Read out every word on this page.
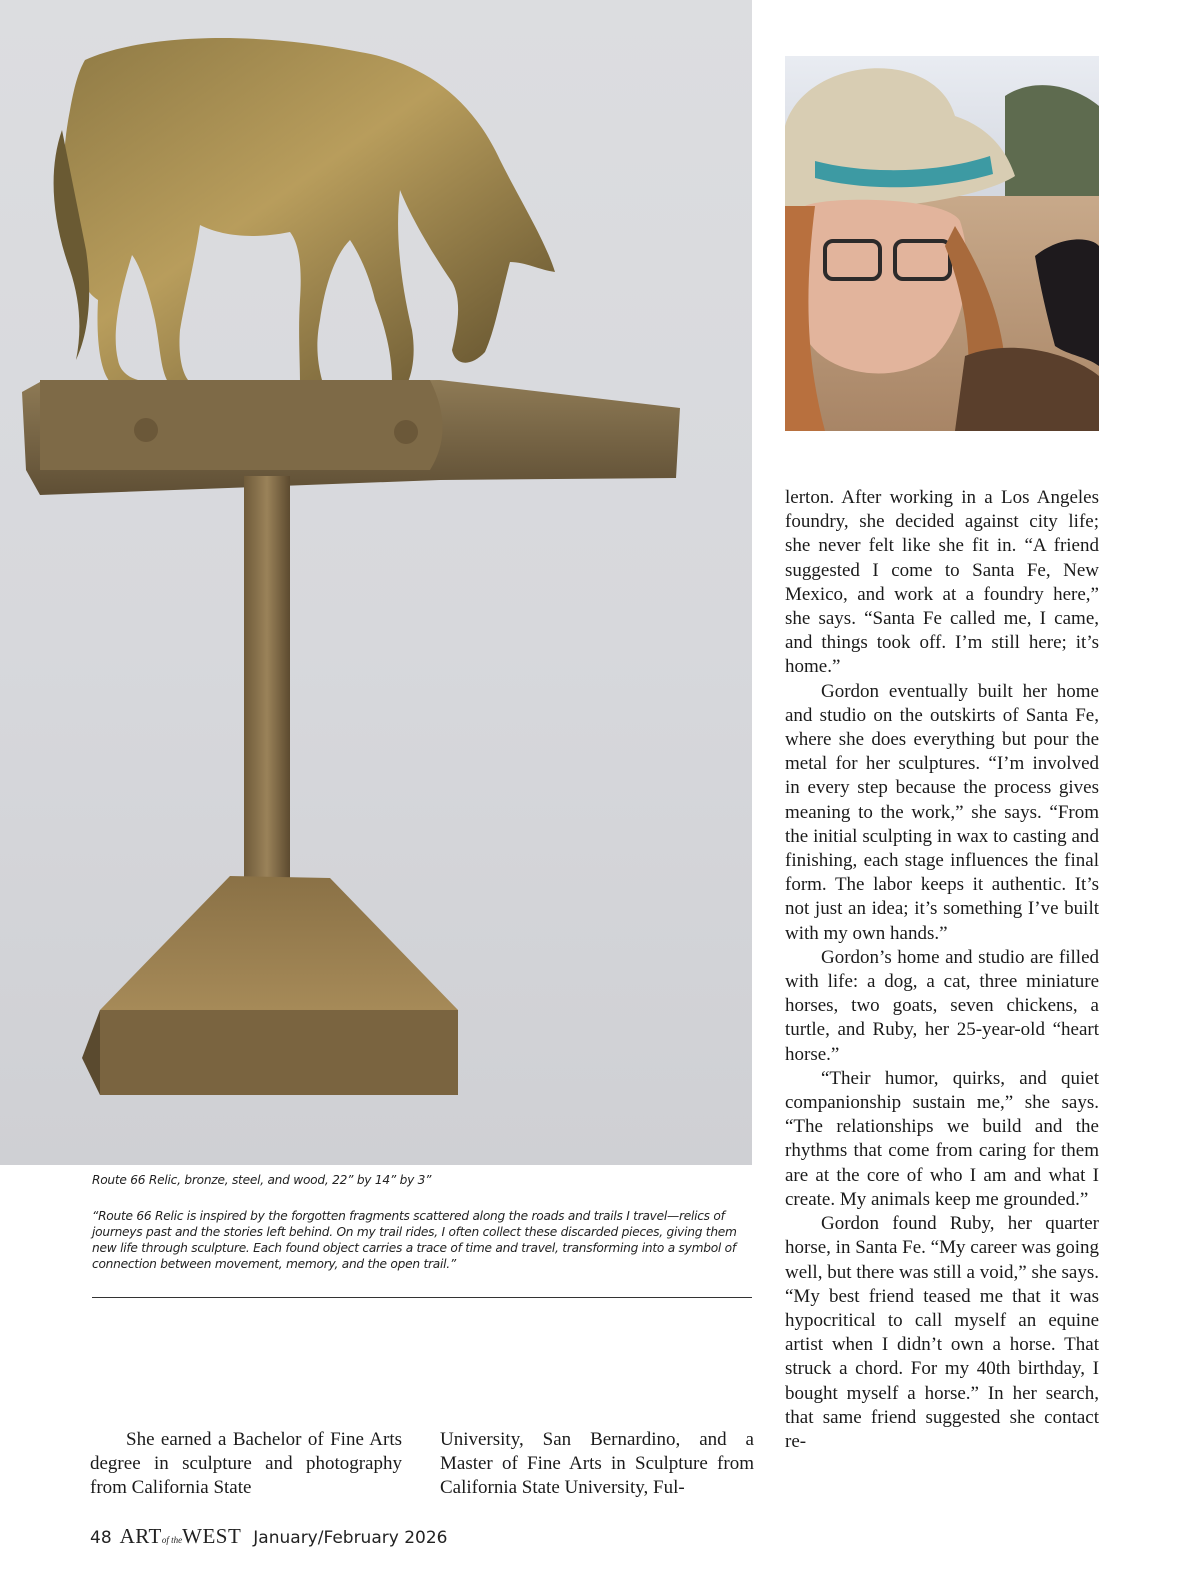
Route 66 Relic, bronze, steel, and wood, 22” by 14” by 3”

“Route 66 Relic is inspired by the forgotten fragments scattered along the roads and trails I travel—relics of journeys past and the stories left behind. On my trail rides, I often collect these discarded pieces, giving them new life through sculpture. Each found object carries a trace of time and travel, transforming into a symbol of connection between movement, memory, and the open trail.”

She earned a Bachelor of Fine Arts degree in sculpture and photography from California State

University, San Bernardino, and a Master of Fine Arts in Sculpture from California State University, Ful-

lerton. After working in a Los Angeles foundry, she decided against city life; she never felt like she fit in. “A friend suggested I come to Santa Fe, New Mexico, and work at a foundry here,” she says. “Santa Fe called me, I came, and things took off. I’m still here; it’s home.”

Gordon eventually built her home and studio on the outskirts of Santa Fe, where she does everything but pour the metal for her sculptures. “I’m involved in every step because the process gives meaning to the work,” she says. “From the initial sculpting in wax to casting and finishing, each stage influences the final form. The labor keeps it authentic. It’s not just an idea; it’s something I’ve built with my own hands.”

Gordon’s home and studio are filled with life: a dog, a cat, three miniature horses, two goats, seven chickens, a turtle, and Ruby, her 25-year-old “heart horse.”

“Their humor, quirks, and quiet companionship sustain me,” she says. “The relationships we build and the rhythms that come from caring for them are at the core of who I am and what I create. My animals keep me grounded.”

Gordon found Ruby, her quarter horse, in Santa Fe. “My career was going well, but there was still a void,” she says. “My best friend teased me that it was hypocritical to call myself an equine artist when I didn’t own a horse. That struck a chord. For my 40th birthday, I bought myself a horse.” In her search, that same friend suggested she contact re-

48 ARTof theWEST January/February 2026
